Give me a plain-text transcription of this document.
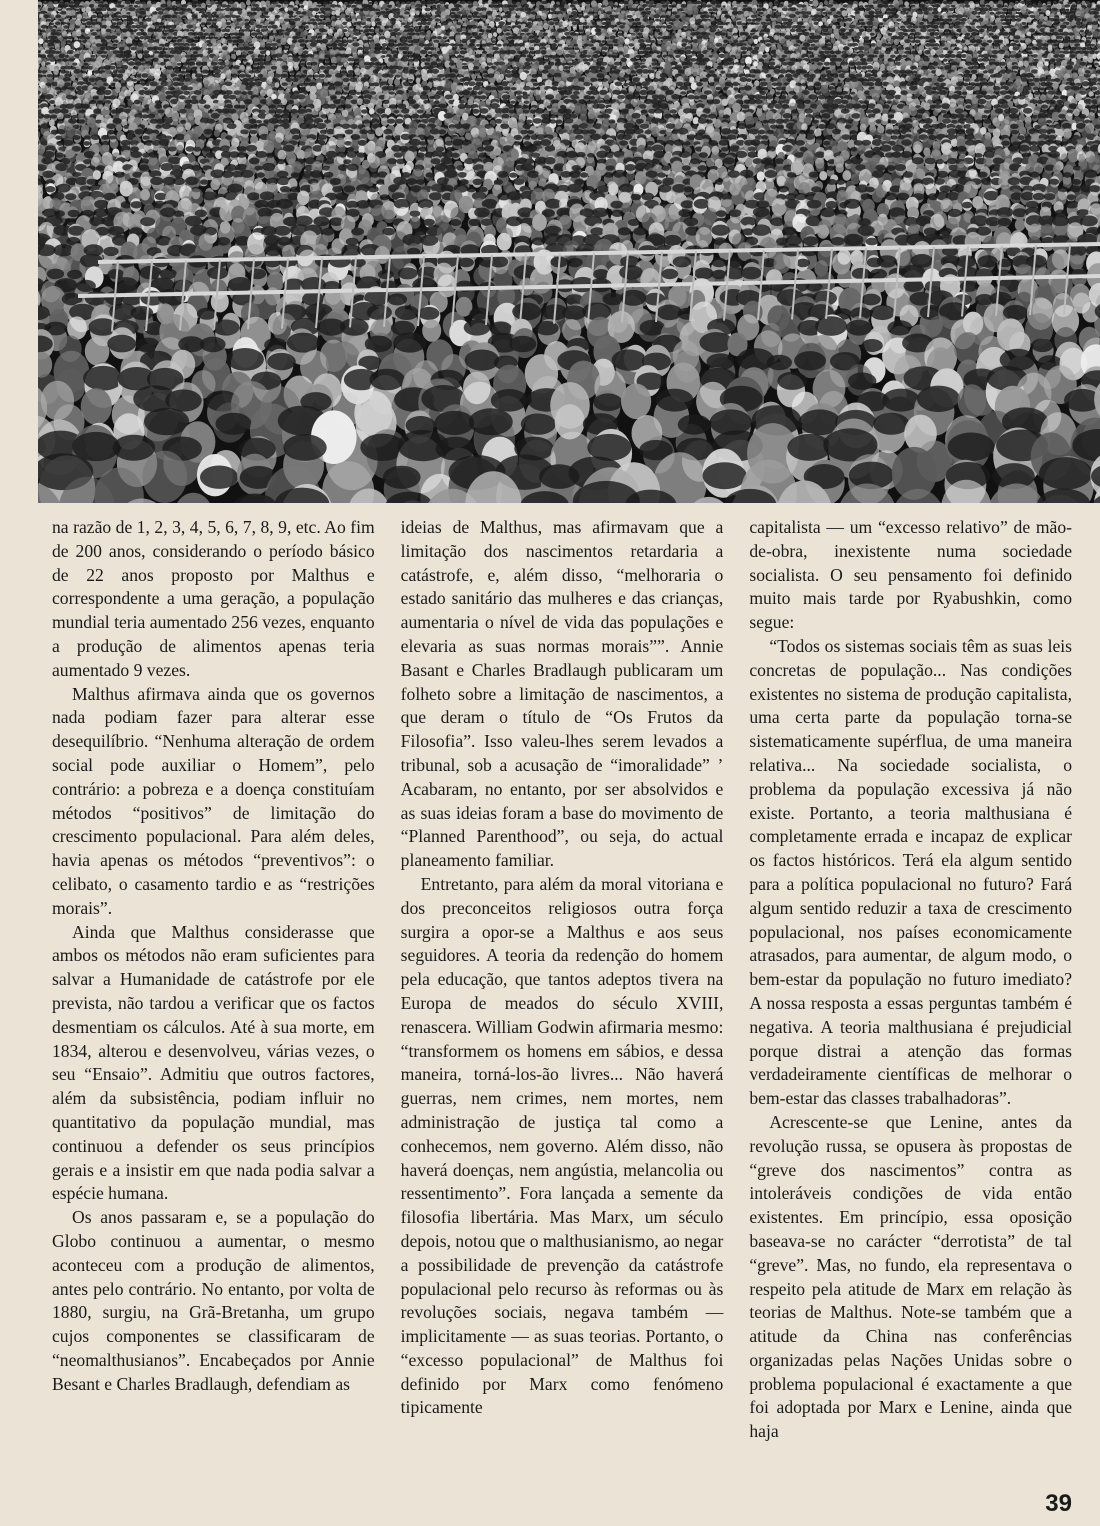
na razão de 1, 2, 3, 4, 5, 6, 7, 8, 9, etc. Ao fim de 200 anos, considerando o período básico de 22 anos proposto por Malthus e correspondente a uma geração, a população mundial teria aumentado 256 vezes, enquanto a produção de alimentos apenas teria aumentado 9 vezes.

Malthus afirmava ainda que os governos nada podiam fazer para alterar esse desequilíbrio. “Nenhuma alteração de ordem social pode auxiliar o Homem”, pelo contrário: a pobreza e a doença constituíam métodos “positivos” de limitação do crescimento populacional. Para além deles, havia apenas os métodos “preventivos”: o celibato, o casamento tardio e as “restrições morais”.

Ainda que Malthus considerasse que ambos os métodos não eram suficientes para salvar a Humanidade de catástrofe por ele prevista, não tardou a verificar que os factos desmentiam os cálculos. Até à sua morte, em 1834, alterou e desenvolveu, várias vezes, o seu “Ensaio”. Admitiu que outros factores, além da subsistência, podiam influir no quantitativo da população mundial, mas continuou a defender os seus princípios gerais e a insistir em que nada podia salvar a espécie humana.

Os anos passaram e, se a população do Globo continuou a aumentar, o mesmo aconteceu com a produção de alimentos, antes pelo contrário. No entanto, por volta de 1880, surgiu, na Grã-Bretanha, um grupo cujos componentes se classificaram de “neomalthusianos”. Encabeçados por Annie Besant e Charles Bradlaugh, defendiam as

ideias de Malthus, mas afirmavam que a limitação dos nascimentos retardaria a catástrofe, e, além disso, “melhoraria o estado sanitário das mulheres e das crianças, aumentaria o nível de vida das populações e elevaria as suas normas morais””. Annie Basant e Charles Bradlaugh publicaram um folheto sobre a limitação de nascimentos, a que deram o título de “Os Frutos da Filosofia”. Isso valeu-lhes serem levados a tribunal, sob a acusação de “imoralidade” ’ Acabaram, no entanto, por ser absolvidos e as suas ideias foram a base do movimento de “Planned Parenthood”, ou seja, do actual planeamento familiar.

Entretanto, para além da moral vitoriana e dos preconceitos religiosos outra força surgira a opor-se a Malthus e aos seus seguidores. A teoria da redenção do homem pela educação, que tantos adeptos tivera na Europa de meados do século XVIII, renascera. William Godwin afirmaria mesmo: “transformem os homens em sábios, e dessa maneira, torná-los-ão livres... Não haverá guerras, nem crimes, nem mortes, nem administração de justiça tal como a conhecemos, nem governo. Além disso, não haverá doenças, nem angústia, melancolia ou ressentimento”. Fora lançada a semente da filosofia libertária. Mas Marx, um século depois, notou que o malthusianismo, ao negar a possibilidade de prevenção da catástrofe populacional pelo recurso às reformas ou às revoluções sociais, negava também — implicitamente — as suas teorias. Portanto, o “excesso populacional” de Malthus foi definido por Marx como fenómeno tipicamente

capitalista — um “excesso relativo” de mão-de-obra, inexistente numa sociedade socialista. O seu pensamento foi definido muito mais tarde por Ryabushkin, como segue:

“Todos os sistemas sociais têm as suas leis concretas de população... Nas condições existentes no sistema de produção capitalista, uma certa parte da população torna-se sistematicamente supérflua, de uma maneira relativa... Na sociedade socialista, o problema da população excessiva já não existe. Portanto, a teoria malthusiana é completamente errada e incapaz de explicar os factos históricos. Terá ela algum sentido para a política populacional no futuro? Fará algum sentido reduzir a taxa de crescimento populacional, nos países economicamente atrasados, para aumentar, de algum modo, o bem-estar da população no futuro imediato? A nossa resposta a essas perguntas também é negativa. A teoria malthusiana é prejudicial porque distrai a atenção das formas verdadeiramente científicas de melhorar o bem-estar das classes trabalhadoras”.

Acrescente-se que Lenine, antes da revolução russa, se opusera às propostas de “greve dos nascimentos” contra as intoleráveis condições de vida então existentes. Em princípio, essa oposição baseava-se no carácter “derrotista” de tal “greve”. Mas, no fundo, ela representava o respeito pela atitude de Marx em relação às teorias de Malthus. Note-se também que a atitude da China nas conferências organizadas pelas Nações Unidas sobre o problema populacional é exactamente a que foi adoptada por Marx e Lenine, ainda que haja

39
